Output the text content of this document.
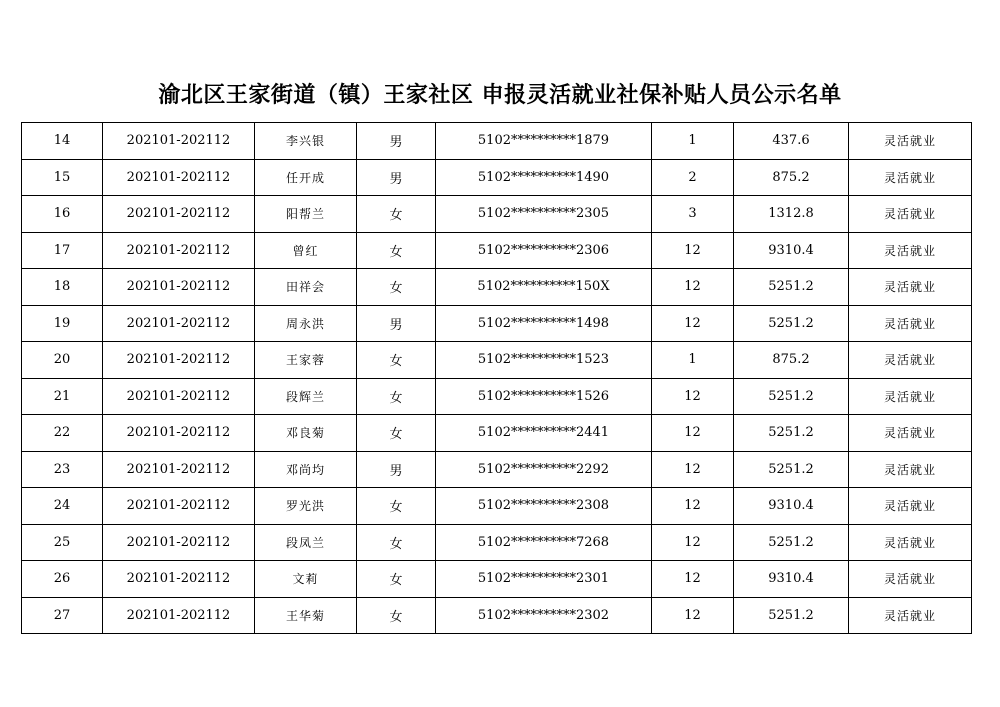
渝北区王家街道（镇）王家社区 申报灵活就业社保补贴人员公示名单
14	202101-202112	李兴银	男	5102**********1879	1	437.6	灵活就业
15	202101-202112	任开成	男	5102**********1490	2	875.2	灵活就业
16	202101-202112	阳帮兰	女	5102**********2305	3	1312.8	灵活就业
17	202101-202112	曾红	女	5102**********2306	12	9310.4	灵活就业
18	202101-202112	田祥会	女	5102**********150X	12	5251.2	灵活就业
19	202101-202112	周永洪	男	5102**********1498	12	5251.2	灵活就业
20	202101-202112	王家蓉	女	5102**********1523	1	875.2	灵活就业
21	202101-202112	段辉兰	女	5102**********1526	12	5251.2	灵活就业
22	202101-202112	邓良菊	女	5102**********2441	12	5251.2	灵活就业
23	202101-202112	邓尚均	男	5102**********2292	12	5251.2	灵活就业
24	202101-202112	罗光洪	女	5102**********2308	12	9310.4	灵活就业
25	202101-202112	段凤兰	女	5102**********7268	12	5251.2	灵活就业
26	202101-202112	文莉	女	5102**********2301	12	9310.4	灵活就业
27	202101-202112	王华菊	女	5102**********2302	12	5251.2	灵活就业
